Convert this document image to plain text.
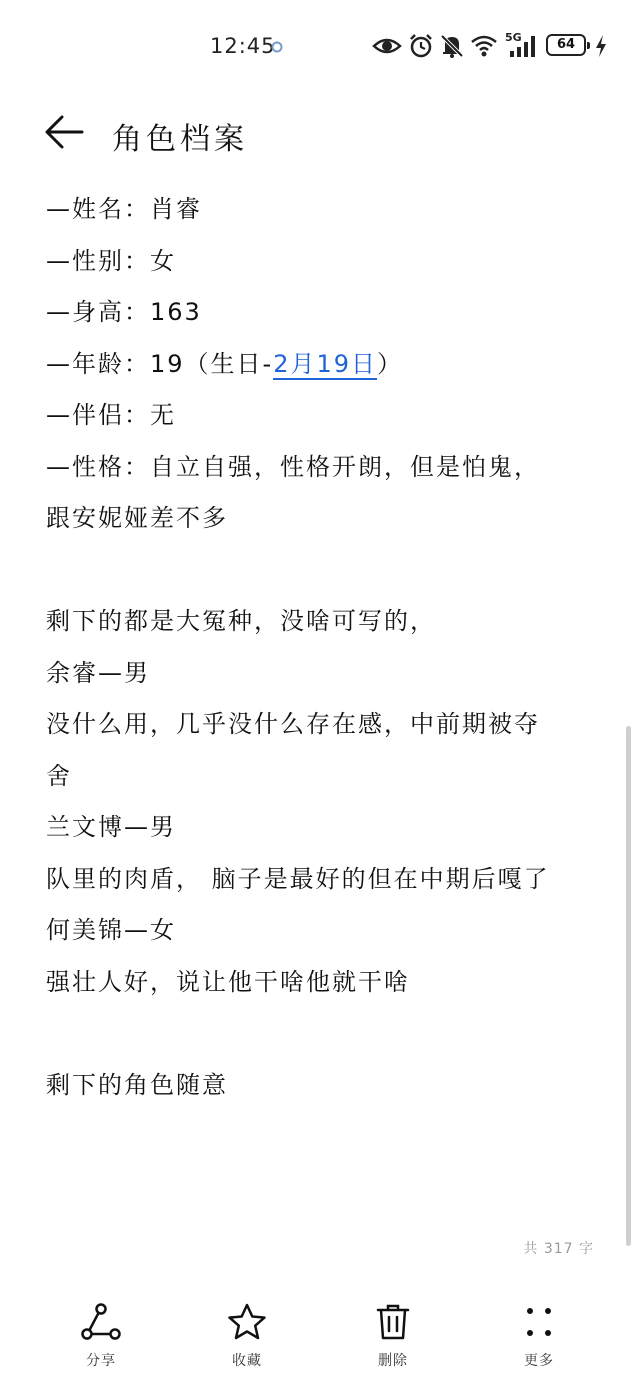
12:45	5G	64
角色档案
—姓名：肖睿
—性别：女
—身高：163
—年龄：19（生日-2月19日）
—伴侣：无
—性格：自立自强，性格开朗，但是怕鬼，
跟安妮娅差不多
剩下的都是大冤种，没啥可写的，
余睿—男
没什么用，几乎没什么存在感，中前期被夺
舍
兰文博—男
队里的肉盾， 脑子是最好的但在中期后嘎了
何美锦—女
强壮人好，说让他干啥他就干啥
剩下的角色随意
共 317 字
分享	收藏	删除	更多
